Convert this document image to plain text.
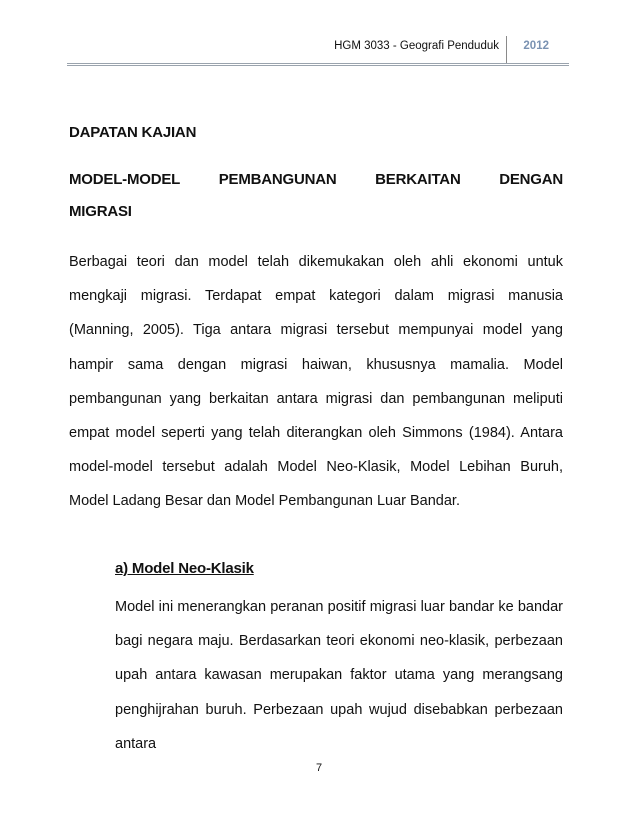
HGM 3033 - Geografi Penduduk 2012
DAPATAN KAJIAN
MODEL-MODEL	PEMBANGUNAN	BERKAITAN	DENGAN
MIGRASI

Berbagai teori dan model telah dikemukakan oleh ahli ekonomi untuk mengkaji migrasi. Terdapat empat kategori dalam migrasi manusia (Manning, 2005). Tiga antara migrasi tersebut mempunyai model yang hampir sama dengan migrasi haiwan, khususnya mamalia. Model pembangunan yang berkaitan antara migrasi dan pembangunan meliputi empat model seperti yang telah diterangkan oleh Simmons (1984). Antara model-model tersebut adalah Model Neo-Klasik, Model Lebihan Buruh, Model Ladang Besar dan Model Pembangunan Luar Bandar.

a) Model Neo-Klasik

Model ini menerangkan peranan positif migrasi luar bandar ke bandar bagi negara maju. Berdasarkan teori ekonomi neo-klasik, perbezaan upah antara kawasan merupakan faktor utama yang merangsang penghijrahan buruh. Perbezaan upah wujud disebabkan perbezaan antara

7
